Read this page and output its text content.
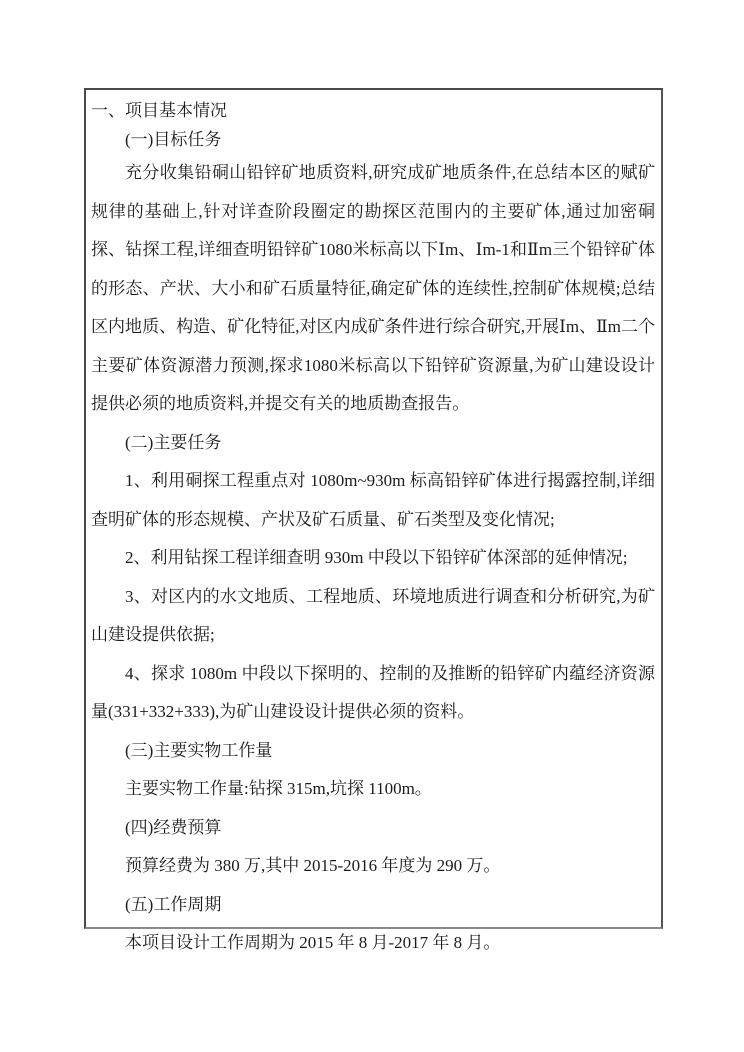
一、项目基本情况
(一)目标任务

充分收集铅硐山铅锌矿地质资料,研究成矿地质条件,在总结本区的赋矿规律的基础上,针对详查阶段圈定的勘探区范围内的主要矿体,通过加密硐探、钻探工程,详细查明铅锌矿1080米标高以下Ⅰm、Ⅰm-1和Ⅱm三个铅锌矿体的形态、产状、大小和矿石质量特征,确定矿体的连续性,控制矿体规模;总结区内地质、构造、矿化特征,对区内成矿条件进行综合研究,开展Ⅰm、Ⅱm二个主要矿体资源潜力预测,探求1080米标高以下铅锌矿资源量,为矿山建设设计提供必须的地质资料,并提交有关的地质勘查报告。

(二)主要任务

1、利用硐探工程重点对 1080m~930m 标高铅锌矿体进行揭露控制,详细查明矿体的形态规模、产状及矿石质量、矿石类型及变化情况;

2、利用钻探工程详细查明 930m 中段以下铅锌矿体深部的延伸情况;

3、对区内的水文地质、工程地质、环境地质进行调查和分析研究,为矿山建设提供依据;

4、探求 1080m 中段以下探明的、控制的及推断的铅锌矿内蕴经济资源量(331+332+333),为矿山建设设计提供必须的资料。

(三)主要实物工作量

主要实物工作量:钻探 315m,坑探 1100m。

(四)经费预算

预算经费为 380 万,其中 2015-2016 年度为 290 万。

(五)工作周期

本项目设计工作周期为 2015 年 8 月-2017 年 8 月。
